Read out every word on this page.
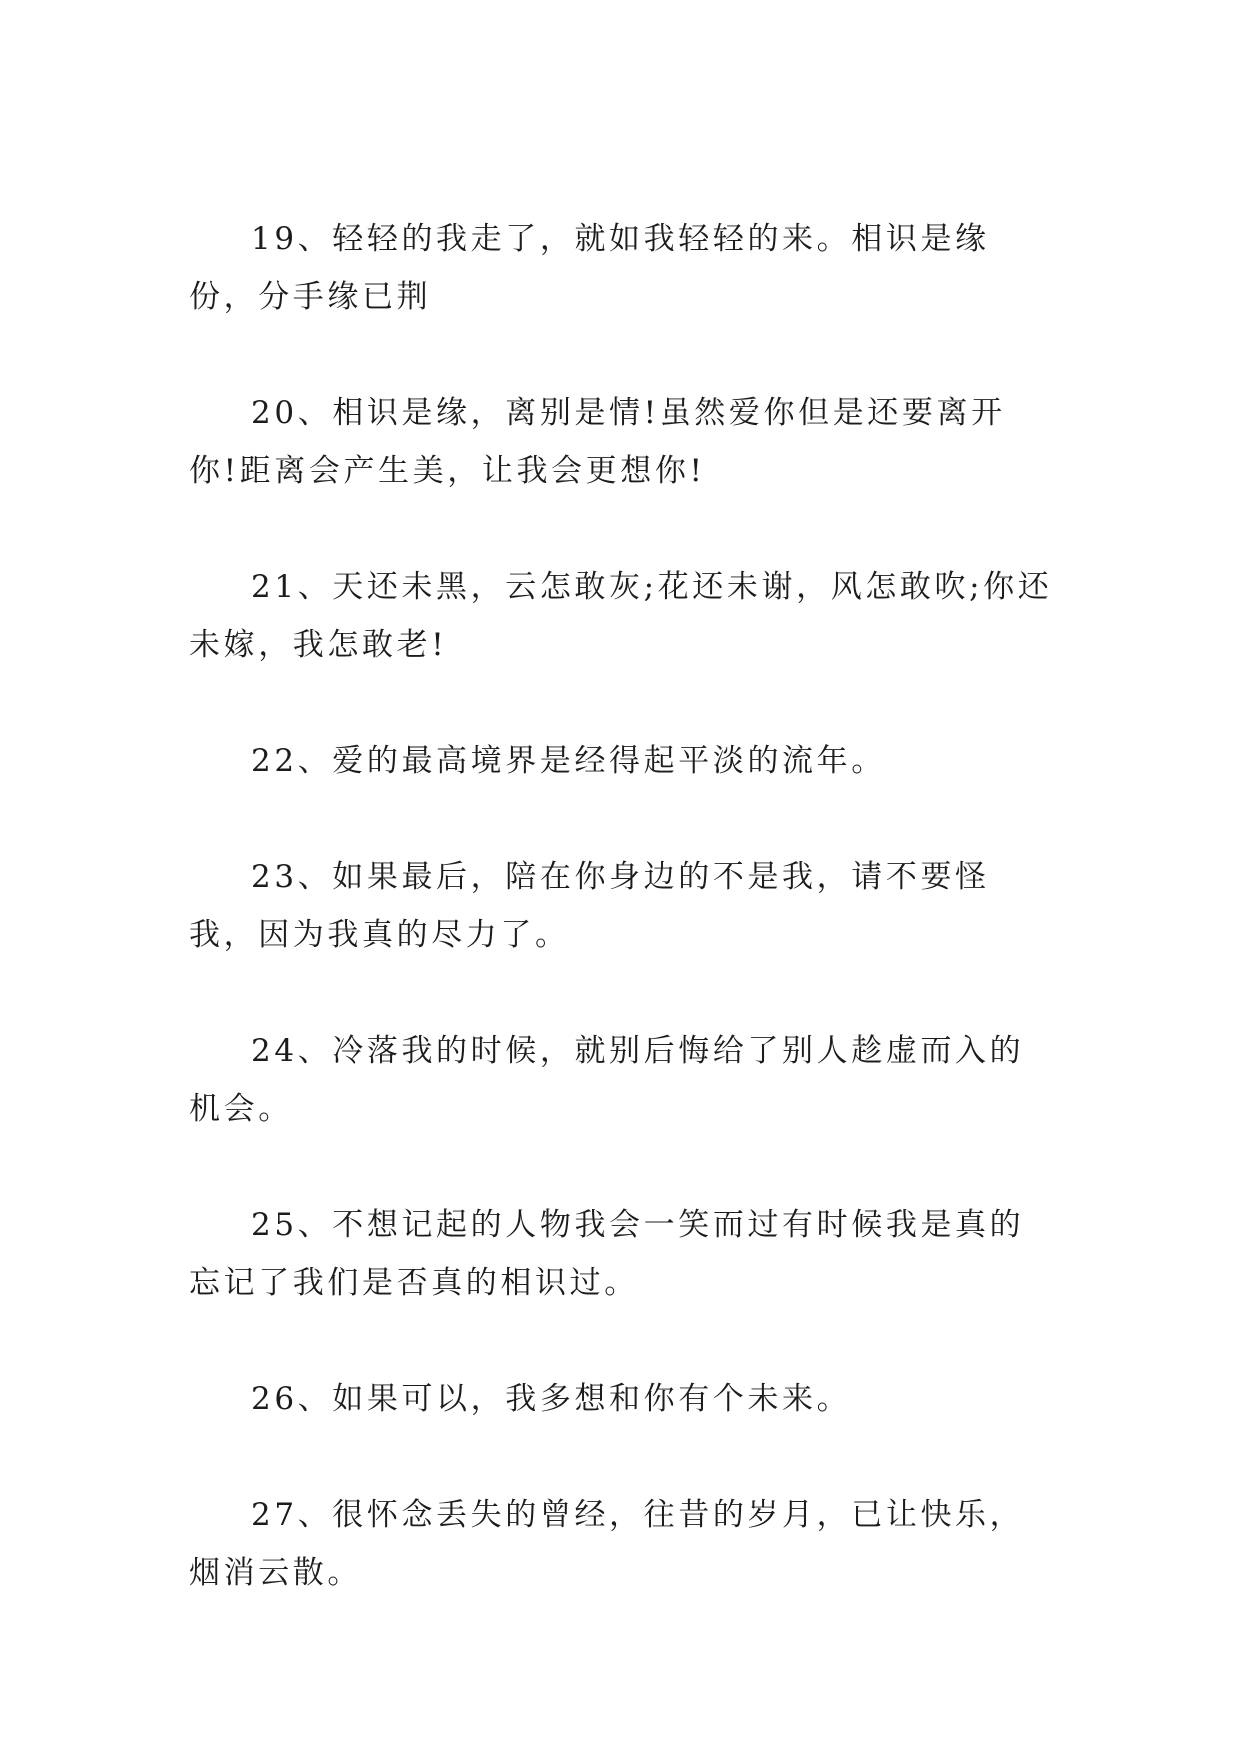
19、轻轻的我走了，就如我轻轻的来。相识是缘份，分手缘已荆

20、相识是缘，离别是情!虽然爱你但是还要离开你!距离会产生美，让我会更想你!

21、天还未黑，云怎敢灰;花还未谢，风怎敢吹;你还未嫁，我怎敢老!

22、爱的最高境界是经得起平淡的流年。

23、如果最后，陪在你身边的不是我，请不要怪我，因为我真的尽力了。

24、冷落我的时候，就别后悔给了别人趁虚而入的机会。

25、不想记起的人物我会一笑而过有时候我是真的忘记了我们是否真的相识过。

26、如果可以，我多想和你有个未来。

27、很怀念丢失的曾经，往昔的岁月，已让快乐，烟消云散。
